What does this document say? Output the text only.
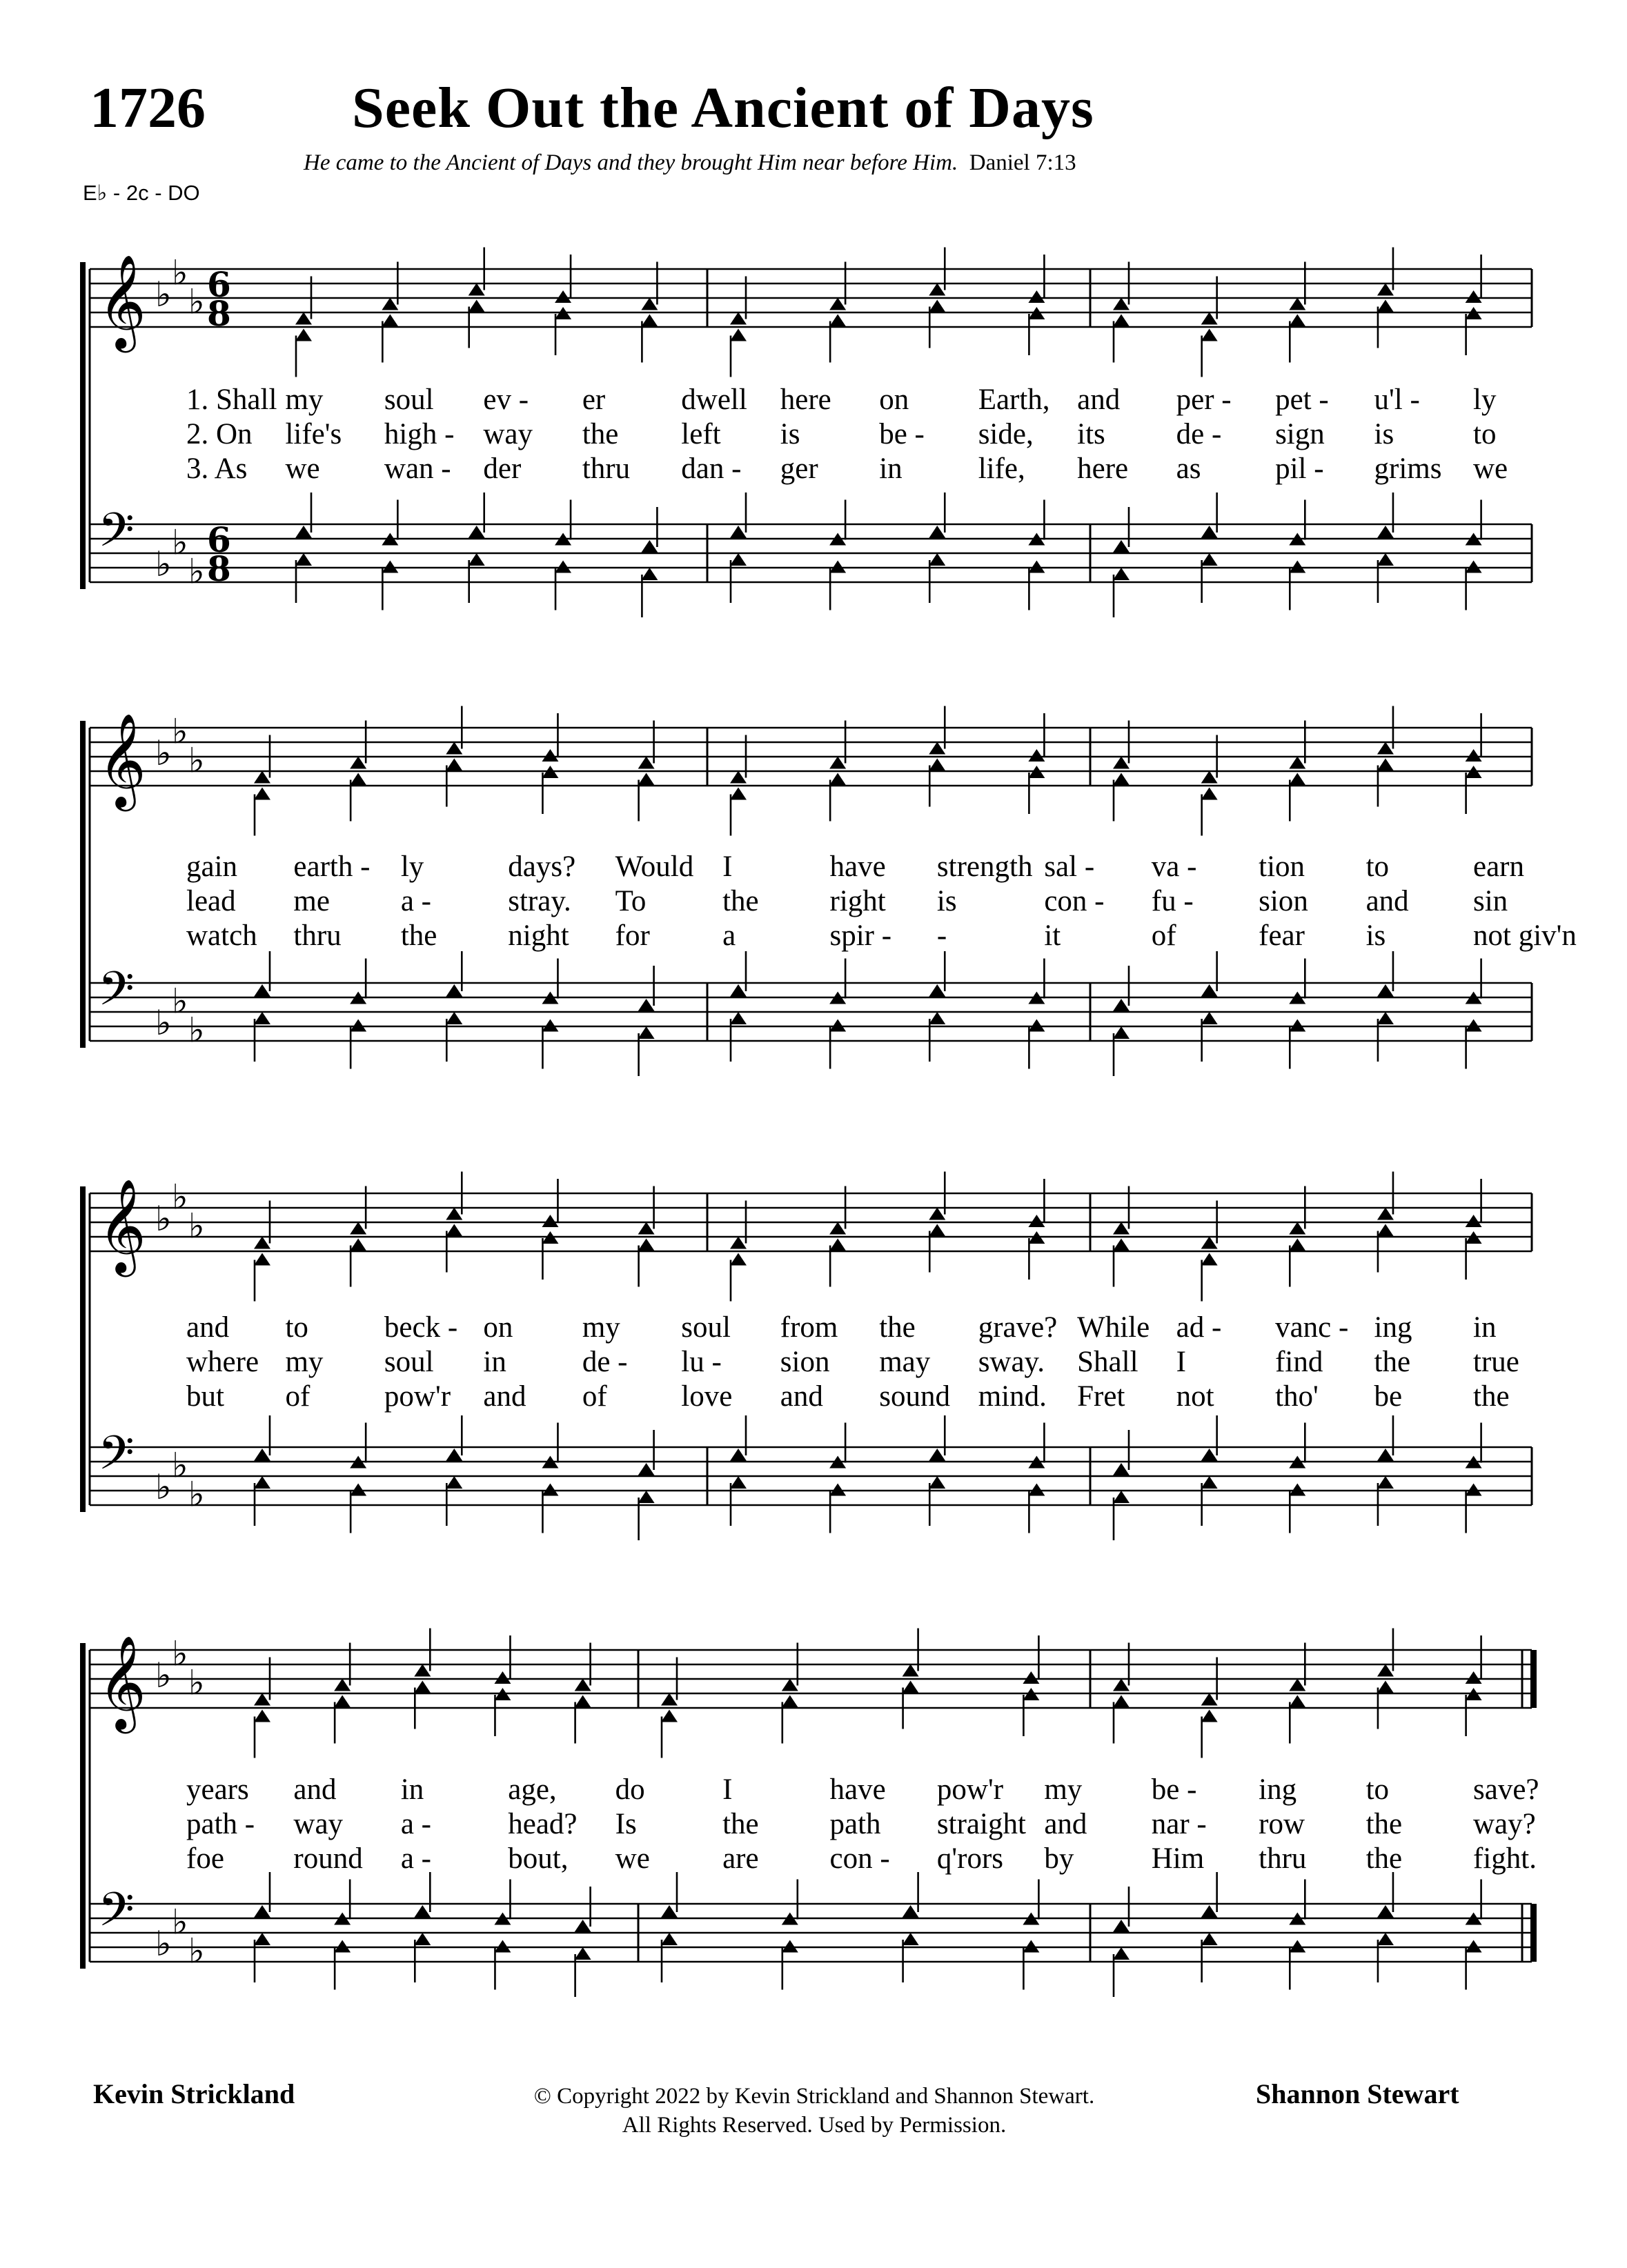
1726	Seek Out the Ancient of Days
He came to the Ancient of Days and they brought Him near before Him. Daniel 7:13
E♭ - 2c - DO
𝄞
𝄢
♭
♭
♭
♭
♭
♭
6
8
6
8
𝄞
𝄢
♭
♭
♭
♭
♭
♭
𝄞
𝄢
♭
♭
♭
♭
♭
♭
𝄞
𝄢
♭
♭
♭
♭
♭
♭
1. Shall my soul ev - er	dwell here on Earth, and per - pet - u'l - ly
2. On life's high - way the left is	be - side, its de - sign is	to
3. As we wan - der thru dan - ger in	life, here as	pil - grims we
gain earth - ly	days? Would I	have strength sal - va - tion to	earn
lead me a -	stray. To	the right is	con - fu - sion and sin
watch thru the night for a	spir - -	it	of	fear is	not giv'n
and to	beck - on my soul from the grave? While ad - vanc - ing in
where my soul in	de - lu - sion may sway. Shall I	find the true
but of	pow'r and of	love and sound mind. Fret not tho' be the
years and in	age, do	I	have pow'r my be - ing to	save?
path - way a -	head? Is	the path straight and nar - row the way?
foe round a -	bout, we are con - q'rors by	Him thru the fight.
Kevin Strickland	Shannon Stewart
© Copyright 2022 by Kevin Strickland and Shannon Stewart.
All Rights Reserved. Used by Permission.
